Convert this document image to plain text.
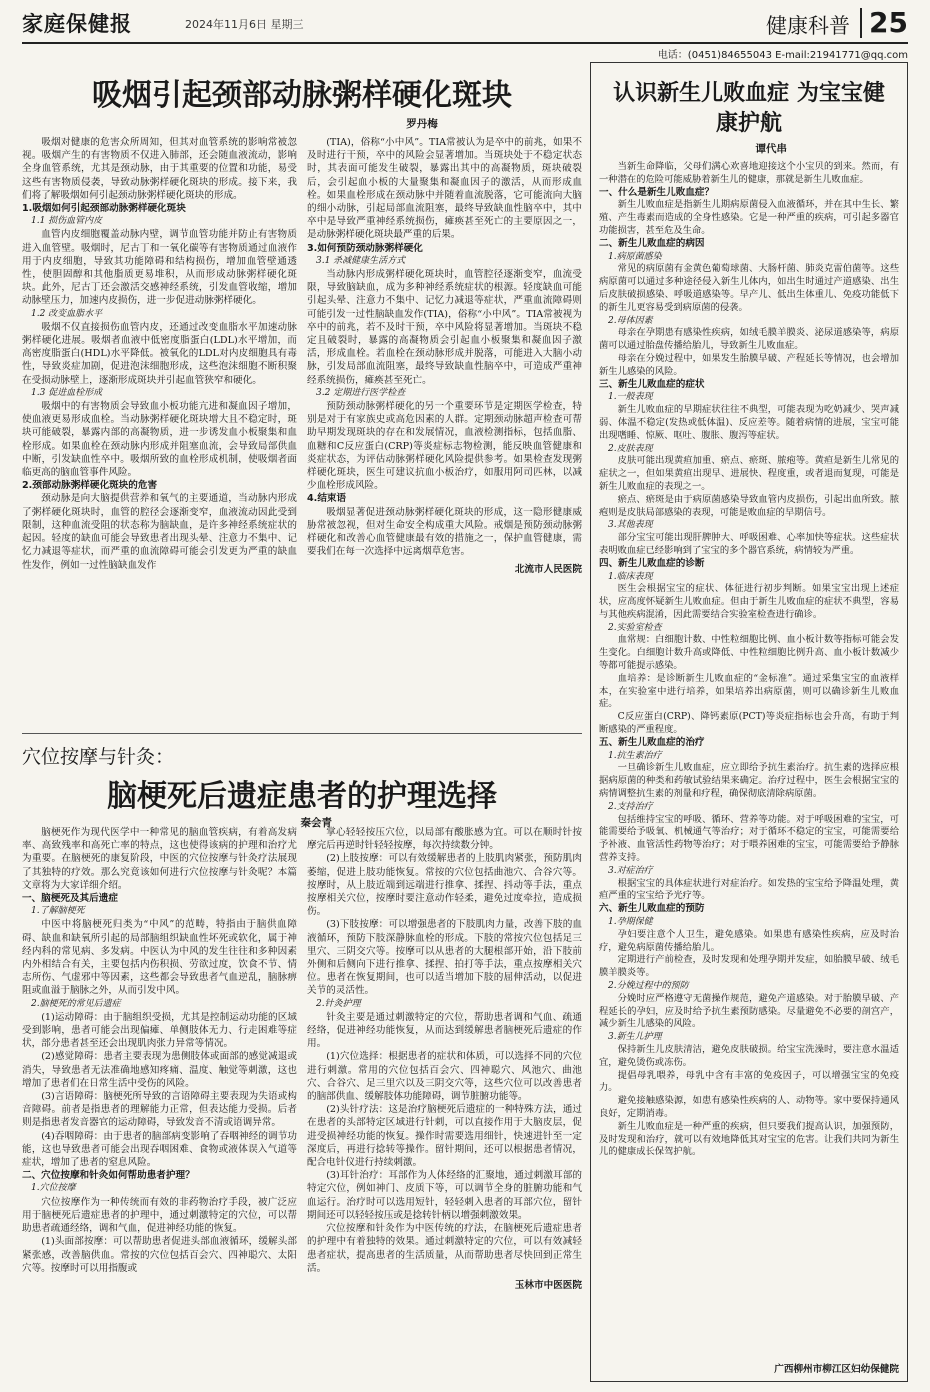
家庭保健报	2024年11月6日 星期三	健康科普 25
电话：(0451)84655043 E-mail:21941771@qq.com
吸烟引起颈部动脉粥样硬化斑块
罗丹梅

吸烟对健康的危害众所周知，但其对血管系统的影响常被忽视。吸烟产生的有害物质不仅进入肺部，还会随血液流动，影响全身血管系统，尤其是颈动脉，由于其重要的位置和功能，易受这些有害物质侵袭，导致动脉粥样硬化斑块的形成。接下来，我们将了解吸烟如何引起颈动脉粥样硬化斑块的形成。

1.吸烟如何引起颈部动脉粥样硬化斑块
1.1 损伤血管内皮

血管内皮细胞覆盖动脉内壁，调节血管功能并防止有害物质进入血管壁。吸烟时，尼古丁和一氧化碳等有害物质通过血液作用于内皮细胞，导致其功能障碍和结构损伤，增加血管壁通透性，使胆固醇和其他脂质更易堆积，从而形成动脉粥样硬化斑块。此外，尼古丁还会激活交感神经系统，引发血管收缩，增加动脉壁压力，加速内皮损伤，进一步促进动脉粥样硬化。

1.2 改变血脂水平

吸烟不仅直接损伤血管内皮，还通过改变血脂水平加速动脉粥样硬化进展。吸烟者血液中低密度脂蛋白(LDL)水平增加，而高密度脂蛋白(HDL)水平降低。被氧化的LDL对内皮细胞具有毒性，导致炎症加剧，促进泡沫细胞形成，这些泡沫细胞不断积聚在受损动脉壁上，逐渐形成斑块并引起血管狭窄和硬化。

1.3 促进血栓形成

吸烟中的有害物质会导致血小板功能亢进和凝血因子增加，使血液更易形成血栓。当动脉粥样硬化斑块增大且不稳定时，斑块可能破裂，暴露内部的高凝物质，进一步诱发血小板聚集和血栓形成。如果血栓在颈动脉内形成并阻塞血流，会导致局部供血中断，引发缺血性卒中。吸烟所致的血栓形成机制，使吸烟者面临更高的脑血管事件风险。

2.颈部动脉粥样硬化斑块的危害

颈动脉是向大脑提供营养和氧气的主要通道，当动脉内形成了粥样硬化斑块时，血管的腔径会逐渐变窄，血液流动因此受到限制，这种血流受阻的状态称为脑缺血，是许多神经系统症状的起因。轻度的缺血可能会导致患者出现头晕、注意力不集中、记忆力减退等症状，而严重的血流障碍可能会引发更为严重的缺血性发作，例如一过性脑缺血发作

(TIA)，俗称“小中风”。TIA常被认为是卒中的前兆，如果不及时进行干预，卒中的风险会显著增加。当斑块处于不稳定状态时，其表面可能发生破裂，暴露出其中的高凝物质，斑块破裂后，会引起血小板的大量聚集和凝血因子的激活，从而形成血栓。如果血栓形成在颈动脉中并随着血流脱落，它可能流向大脑的细小动脉，引起局部血流阻塞，最终导致缺血性脑卒中，其中卒中是导致严重神经系统损伤，瘫痪甚至死亡的主要原因之一，是动脉粥样硬化斑块最严重的后果。

3.如何预防颈动脉粥样硬化
3.1 杀减健康生活方式

当动脉内形成粥样硬化斑块时，血管腔径逐渐变窄，血流受限，导致脑缺血，成为多种神经系统症状的根源。轻度缺血可能引起头晕、注意力不集中、记忆力减退等症状，严重血流障碍则可能引发一过性脑缺血发作(TIA)，俗称“小中风”。TIA常被视为卒中的前兆，若不及时干预，卒中风险将显著增加。当斑块不稳定且破裂时，暴露的高凝物质会引起血小板聚集和凝血因子激活，形成血栓。若血栓在颈动脉形成并脱落，可能进入大脑小动脉，引发局部血流阻塞，最终导致缺血性脑卒中，可造成严重神经系统损伤，瘫痪甚至死亡。

3.2 定期进行医学检查

预防颈动脉粥样硬化的另一个重要环节是定期医学检查，特别是对于有家族史或高危因素的人群。定期颈动脉超声检查可帮助早期发现斑块的存在和发展情况，血液检测指标，包括血脂、血糖和C反应蛋白(CRP)等炎症标志物检测，能反映血管健康和炎症状态，为评估动脉粥样硬化风险提供参考。如果检查发现粥样硬化斑块，医生可建议抗血小板治疗，如服用阿司匹林，以减少血栓形成风险。

4.结束语

吸烟显著促进颈动脉粥样硬化斑块的形成，这一隐形健康威胁常被忽视，但对生命安全构成重大风险。戒烟是预防颈动脉粥样硬化和改善心血管健康最有效的措施之一，保护血管健康，需要我们在每一次选择中远离烟草危害。

北流市人民医院
穴位按摩与针灸：
脑梗死后遗症患者的护理选择
秦会青

脑梗死作为现代医学中一种常见的脑血管疾病，有着高发病率、高致残率和高死亡率的特点，这也使得该病的护理和治疗尤为重要。在脑梗死的康复阶段，中医的穴位按摩与针灸疗法展现了其独特的疗效。那么究竟该如何进行穴位按摩与针灸呢？本篇文章将为大家详细介绍。

一、脑梗死及其后遗症
1.了解脑梗死

中医中将脑梗死归类为“中风”的范畴，特指由于脑供血障碍、缺血和缺氧所引起的局部脑组织缺血性坏死或软化，属于神经内科的常见病、多发病。中医认为中风的发生往往和多种因素内外相结合有关，主要包括内伤积损、劳欲过度，饮食不节、情志所伤、气虚邪中等因素，这些都会导致患者气血逆乱，脑脉痹阻或血溢于脑脉之外，从而引发中风。

2.脑梗死的常见后遗症

(1)运动障碍：由于脑组织受损，尤其是控制运动功能的区域受到影响，患者可能会出现偏瘫、单侧肢体无力、行走困难等症状，部分患者甚至还会出现肌肉张力异常等情况。

(2)感觉障碍：患者主要表现为患侧肢体或面部的感觉减退或消失，导致患者无法准确地感知疼痛、温度、触觉等刺激，这也增加了患者们在日常生活中受伤的风险。

(3)言语障碍：脑梗死所导致的言语障碍主要表现为失语或构音障碍。前者是指患者的理解能力正常，但表达能力受损。后者则是指患者发音器官的运动障碍，导致发音不清或语调异常。

(4)吞咽障碍：由于患者的脑部病变影响了吞咽神经的调节功能，这也导致患者可能会出现吞咽困难、食物或液体误入气道等症状，增加了患者的窒息风险。

二、穴位按摩和针灸如何帮助患者护理？
1.穴位按摩

穴位按摩作为一种传统而有效的非药物治疗手段，被广泛应用于脑梗死后遗症患者的护理中，通过刺激特定的穴位，可以帮助患者疏通经络，调和气血，促进神经功能的恢复。

(1)头面部按摩：可以帮助患者促进头部血液循环，缓解头部紧张感，改善脑供血。常按的穴位包括百会穴、四神聪穴、太阳穴等。按摩时可以用指腹或

掌心轻轻按压穴位，以局部有酸胀感为宜。可以在顺时针按摩完后再逆时针轻轻按摩，每次持续数分钟。

(2)上肢按摩：可以有效缓解患者的上肢肌肉紧张，预防肌肉萎缩，促进上肢功能恢复。常按的穴位包括曲池穴、合谷穴等。按摩时，从上肢近端到远端进行推拿、揉捏、抖动等手法，重点按摩相关穴位，按摩时要注意动作轻柔，避免过度牵拉，造成损伤。

(3)下肢按摩：可以增强患者的下肢肌肉力量，改善下肢的血液循环，预防下肢深静脉血栓的形成。下肢的常按穴位包括足三里穴、三阴交穴等。按摩可以从患者的大腿根部开始，沿下肢前外侧和后侧向下进行推拿、揉捏、拍打等手法，重点按摩相关穴位。患者在恢复期间，也可以适当增加下肢的屈伸活动，以促进关节的灵活性。

2.针灸护理

针灸主要是通过刺激特定的穴位，帮助患者调和气血、疏通经络，促进神经功能恢复，从而达到缓解患者脑梗死后遗症的作用。

(1)穴位选择：根据患者的症状和体质，可以选择不同的穴位进行刺激。常用的穴位包括百会穴、四神聪穴、风池穴、曲池穴、合谷穴、足三里穴以及三阴交穴等，这些穴位可以改善患者的脑部供血、缓解肢体功能障碍，调节脏腑功能等。

(2)头针疗法：这是治疗脑梗死后遗症的一种特殊方法，通过在患者的头部特定区域进行针刺，可以直接作用于大脑皮层，促进受损神经功能的恢复。操作时需要选用细针，快速进针至一定深度后，再进行捻转等操作。留针期间，还可以根据患者情况，配合电针仪进行持续刺激。

(3)耳针治疗：耳部作为人体经络的汇聚地，通过刺激耳部的特定穴位，例如神门、皮质下等，可以调节全身的脏腑功能和气血运行。治疗时可以选用短针，轻轻刺入患者的耳部穴位，留针期间还可以轻轻按压或是捻转针柄以增强刺激效果。

穴位按摩和针灸作为中医传统的疗法，在脑梗死后遗症患者的护理中有着独特的效果。通过刺激特定的穴位，可以有效减轻患者症状，提高患者的生活质量，从而帮助患者尽快回到正常生活。

玉林市中医医院
认识新生儿败血症 为宝宝健康护航
谭代串

当新生命降临，父母们满心欢喜地迎接这个小宝贝的到来。然而，有一种潜在的危险可能威胁着新生儿的健康，那就是新生儿败血症。

一、什么是新生儿败血症？

新生儿败血症是指新生儿期病原菌侵入血液循环，并在其中生长、繁殖、产生毒素而造成的全身性感染。它是一种严重的疾病，可引起多器官功能损害，甚至危及生命。

二、新生儿败血症的病因
1.病原菌感染

常见的病原菌有金黄色葡萄球菌、大肠杆菌、肺炎克雷伯菌等。这些病原菌可以通过多种途径侵入新生儿体内，如出生时通过产道感染、出生后皮肤破损感染、呼吸道感染等。早产儿、低出生体重儿、免疫功能低下的新生儿更容易受到病原菌的侵袭。

2.母体因素

母亲在孕期患有感染性疾病，如绒毛膜羊膜炎、泌尿道感染等，病原菌可以通过胎盘传播给胎儿，导致新生儿败血症。

母亲在分娩过程中，如果发生胎膜早破、产程延长等情况，也会增加新生儿感染的风险。

三、新生儿败血症的症状
1.一般表现

新生儿败血症的早期症状往往不典型，可能表现为吃奶减少、哭声减弱、体温不稳定(发热或低体温)、反应差等。随着病情的进展，宝宝可能出现嗜睡、惊厥、呕吐、腹胀、腹泻等症状。

2.皮肤表现

皮肤可能出现黄疸加重、瘀点、瘀斑、脓疱等。黄疸是新生儿常见的症状之一，但如果黄疸出现早、进展快、程度重，或者退而复现，可能是新生儿败血症的表现之一。

瘀点、瘀斑是由于病原菌感染导致血管内皮损伤，引起出血所致。脓疱则是皮肤局部感染的表现，可能是败血症的早期信号。

3.其他表现

部分宝宝可能出现肝脾肿大、呼吸困难、心率加快等症状。这些症状表明败血症已经影响到了宝宝的多个器官系统，病情较为严重。

四、新生儿败血症的诊断
1.临床表现

医生会根据宝宝的症状、体征进行初步判断。如果宝宝出现上述症状，应高度怀疑新生儿败血症。但由于新生儿败血症的症状不典型，容易与其他疾病混淆，因此需要结合实验室检查进行确诊。

2.实验室检查

血常规：白细胞计数、中性粒细胞比例、血小板计数等指标可能会发生变化。白细胞计数升高或降低、中性粒细胞比例升高、血小板计数减少等都可能提示感染。

血培养：是诊断新生儿败血症的“金标准”。通过采集宝宝的血液样本，在实验室中进行培养，如果培养出病原菌，则可以确诊新生儿败血症。

C反应蛋白(CRP)、降钙素原(PCT)等炎症指标也会升高，有助于判断感染的严重程度。

五、新生儿败血症的治疗
1.抗生素治疗

一旦确诊新生儿败血症，应立即给予抗生素治疗。抗生素的选择应根据病原菌的种类和药敏试验结果来确定。治疗过程中，医生会根据宝宝的病情调整抗生素的剂量和疗程，确保彻底清除病原菌。

2.支持治疗

包括维持宝宝的呼吸、循环、营养等功能。对于呼吸困难的宝宝，可能需要给予吸氧、机械通气等治疗；对于循环不稳定的宝宝，可能需要给予补液、血管活性药物等治疗；对于喂养困难的宝宝，可能需要给予静脉营养支持。

3.对症治疗

根据宝宝的具体症状进行对症治疗。如发热的宝宝给予降温处理，黄疸严重的宝宝给予光疗等。

六、新生儿败血症的预防
1.孕期保健

孕妇要注意个人卫生，避免感染。如果患有感染性疾病，应及时治疗，避免病原菌传播给胎儿。

定期进行产前检查，及时发现和处理孕期并发症，如胎膜早破、绒毛膜羊膜炎等。

2.分娩过程中的预防

分娩时应严格遵守无菌操作规范，避免产道感染。对于胎膜早破、产程延长的孕妇，应及时给予抗生素预防感染。尽量避免不必要的剖宫产，减少新生儿感染的风险。

3.新生儿护理

保持新生儿皮肤清洁，避免皮肤破损。给宝宝洗澡时，要注意水温适宜，避免烫伤或冻伤。

提倡母乳喂养，母乳中含有丰富的免疫因子，可以增强宝宝的免疫力。

避免接触感染源，如患有感染性疾病的人、动物等。家中要保持通风良好，定期消毒。

新生儿败血症是一种严重的疾病，但只要我们提高认识，加强预防，及时发现和治疗，就可以有效地降低其对宝宝的危害。让我们共同为新生儿的健康成长保驾护航。

广西柳州市柳江区妇幼保健院
